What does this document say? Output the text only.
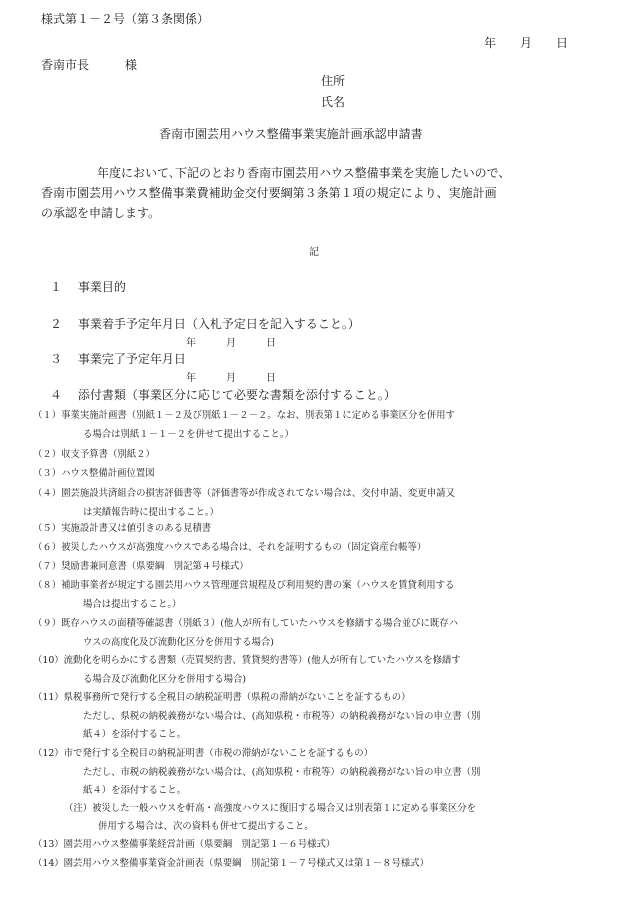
様式第１－２号（第３条関係）
年　　月　　日
香南市長　　　様
住所
氏名
香南市園芸用ハウス整備事業実施計画承認申請書
年度において､下記のとおり香南市園芸用ハウス整備事業を実施したいので、
香南市園芸用ハウス整備事業費補助金交付要綱第３条第１項の規定により、実施計画
の承認を申請します。
記
１　 事業目的
２　 事業着手予定年月日（入札予定日を記入すること。）
年　　　月　　　日
３　 事業完了予定年月日
年　　　月　　　日
４　 添付書類（事業区分に応じて必要な書類を添付すること。）
（１）事業実施計画書（別紙１－２及び別紙１－２－２。なお、別表第１に定める事業区分を併用す
る場合は別紙１－１－２を併せて提出すること。）
（２）収支予算書（別紙２）
（３）ハウス整備計画位置図
（４）園芸施設共済組合の損害評価書等（評価書等が作成されてない場合は、交付申請、変更申請又
は実績報告時に提出すること。）
（５）実施設計書又は値引きのある見積書
（６）被災したハウスが高強度ハウスである場合は、それを証明するもの（固定資産台帳等）
（７）奨励書兼同意書（県要綱　別記第４号様式）
（８）補助事業者が規定する園芸用ハウス管理運営規程及び利用契約書の案（ハウスを賃貸利用する
場合は提出すること。）
（９）既存ハウスの面積等確認書（別紙３）(他人が所有していたハウスを修繕する場合並びに既存ハ
ウスの高度化及び流動化区分を併用する場合)
（10）流動化を明らかにする書類（売買契約書、賃貸契約書等）(他人が所有していたハウスを修繕す
る場合及び流動化区分を併用する場合)
（11）県税事務所で発行する全税目の納税証明書（県税の滞納がないことを証するもの）
ただし、県税の納税義務がない場合は、(高知県税・市税等）の納税義務がない旨の申立書（別
紙４）を添付すること。
（12）市で発行する全税目の納税証明書（市税の滞納がないことを証するもの）
ただし、市税の納税義務がない場合は、(高知県税・市税等）の納税義務がない旨の申立書（別
紙４）を添付すること。
（注）被災した一般ハウスを軒高・高強度ハウスに復旧する場合又は別表第１に定める事業区分を
併用する場合は、次の資料も併せて提出すること。
（13）園芸用ハウス整備事業経営計画（県要綱　別記第１－６号様式）
（14）園芸用ハウス整備事業資金計画表（県要綱　別記第１－７号様式又は第１－８号様式）
